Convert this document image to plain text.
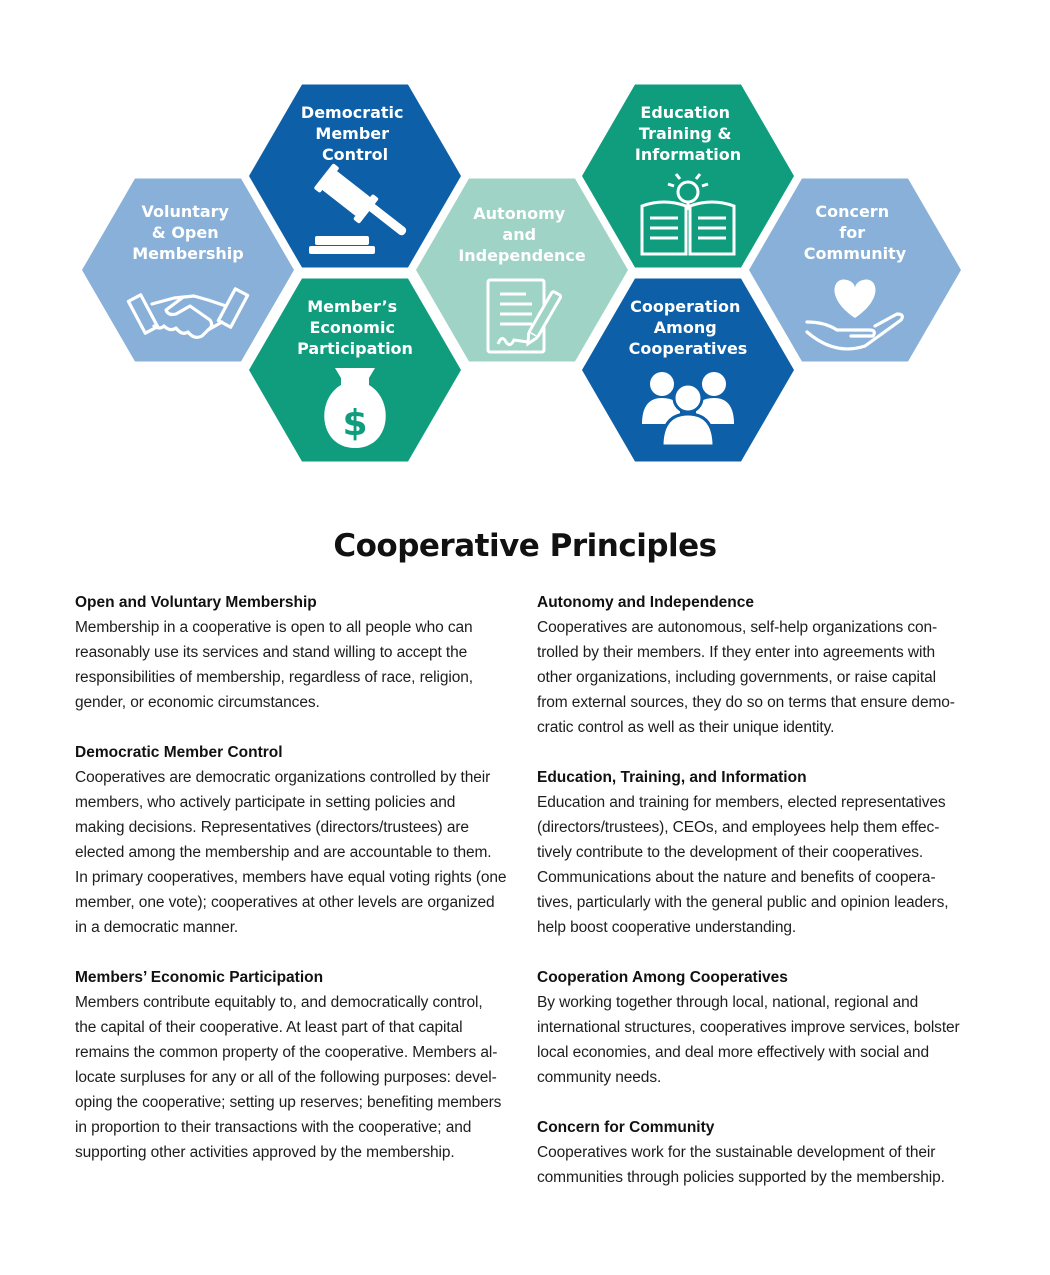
Voluntary & Open Membership
Democratic Member Control
Member’s Economic Participation
$
Autonomy and Independence
Education Training & Information
Cooperation Among Cooperatives
Concern for Community
Cooperative Principles
Open and Voluntary Membership
Membership in a cooperative is open to all people who can
reasonably use its services and stand willing to accept the
responsibilities of membership, regardless of race, religion,
gender, or economic circumstances.
Democratic Member Control
Cooperatives are democratic organizations controlled by their
members, who actively participate in setting policies and
making decisions. Representatives (directors/trustees) are
elected among the membership and are accountable to them.
In primary cooperatives, members have equal voting rights (one
member, one vote); cooperatives at other levels are organized
in a democratic manner.
Members’ Economic Participation
Members contribute equitably to, and democratically control,
the capital of their cooperative. At least part of that capital
remains the common property of the cooperative. Members al-
locate surpluses for any or all of the following purposes: devel-
oping the cooperative; setting up reserves; benefiting members
in proportion to their transactions with the cooperative; and
supporting other activities approved by the membership.
Autonomy and Independence
Cooperatives are autonomous, self-help organizations con-
trolled by their members. If they enter into agreements with
other organizations, including governments, or raise capital
from external sources, they do so on terms that ensure demo-
cratic control as well as their unique identity.
Education, Training, and Information
Education and training for members, elected representatives
(directors/trustees), CEOs, and employees help them effec-
tively contribute to the development of their cooperatives.
Communications about the nature and benefits of coopera-
tives, particularly with the general public and opinion leaders,
help boost cooperative understanding.
Cooperation Among Cooperatives
By working together through local, national, regional and
international structures, cooperatives improve services, bolster
local economies, and deal more effectively with social and
community needs.
Concern for Community
Cooperatives work for the sustainable development of their
communities through policies supported by the membership.
